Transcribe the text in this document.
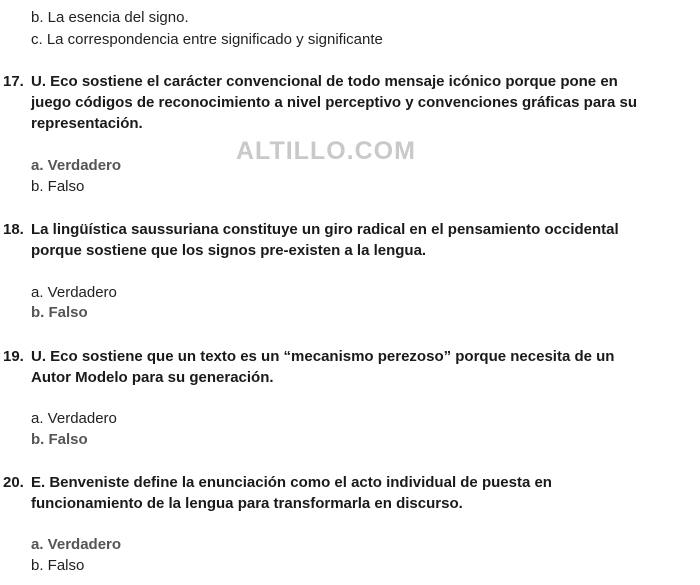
b. La esencia del signo.
c. La correspondencia entre significado y significante
17. U. Eco sostiene el carácter convencional de todo mensaje icónico porque pone en
juego códigos de reconocimiento a nivel perceptivo y convenciones gráficas para su
representación.
ALTILLO.COM
a. Verdadero
b. Falso
18. La lingüística saussuriana constituye un giro radical en el pensamiento occidental
porque sostiene que los signos pre-existen a la lengua.
a. Verdadero
b. Falso
19. U. Eco sostiene que un texto es un “mecanismo perezoso” porque necesita de un
Autor Modelo para su generación.
a. Verdadero
b. Falso
20. E. Benveniste define la enunciación como el acto individual de puesta en
funcionamiento de la lengua para transformarla en discurso.
a. Verdadero
b. Falso
